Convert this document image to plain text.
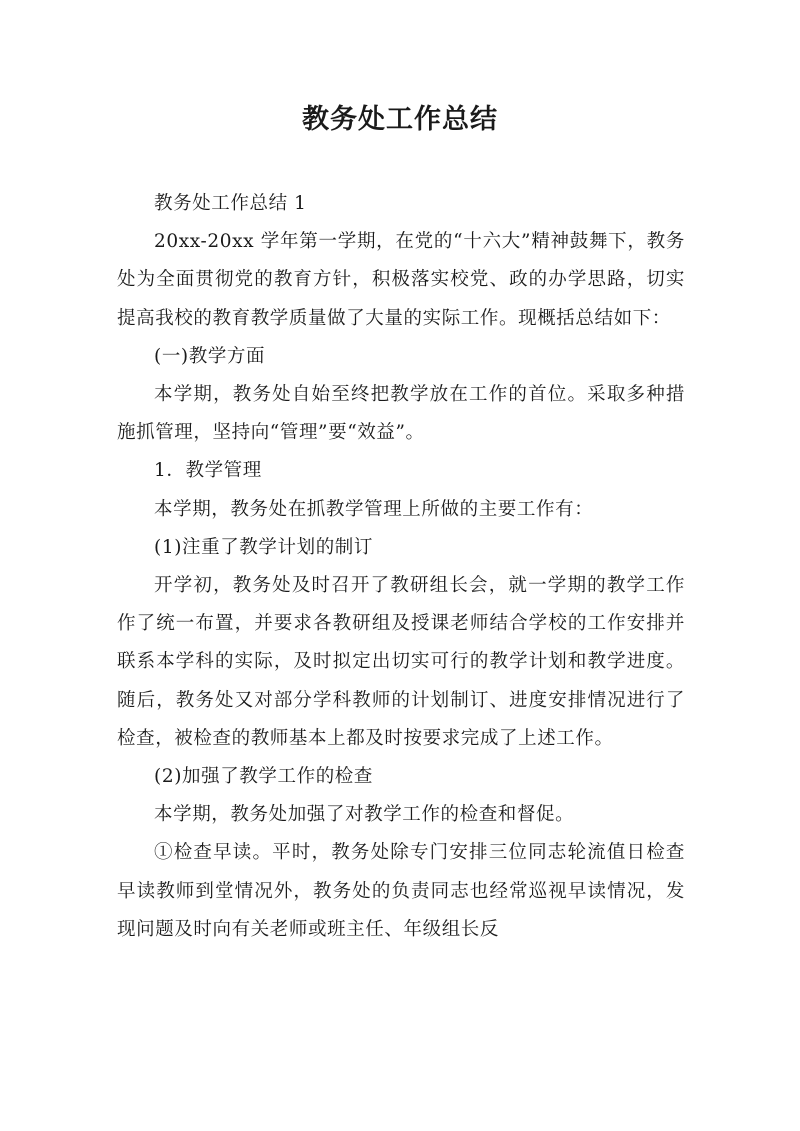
教务处工作总结

教务处工作总结 1

20xx-20xx 学年第一学期，在党的“十六大”精神鼓舞下，教务处为全面贯彻党的教育方针，积极落实校党、政的办学思路，切实提高我校的教育教学质量做了大量的实际工作。现概括总结如下：

(一)教学方面

本学期，教务处自始至终把教学放在工作的首位。采取多种措施抓管理，坚持向“管理”要“效益”。

1．教学管理

本学期，教务处在抓教学管理上所做的主要工作有：

(1)注重了教学计划的制订

开学初，教务处及时召开了教研组长会，就一学期的教学工作作了统一布置，并要求各教研组及授课老师结合学校的工作安排并联系本学科的实际，及时拟定出切实可行的教学计划和教学进度。随后，教务处又对部分学科教师的计划制订、进度安排情况进行了检查，被检查的教师基本上都及时按要求完成了上述工作。

(2)加强了教学工作的检查

本学期，教务处加强了对教学工作的检查和督促。

①检查早读。平时，教务处除专门安排三位同志轮流值日检查早读教师到堂情况外，教务处的负责同志也经常巡视早读情况，发现问题及时向有关老师或班主任、年级组长反
